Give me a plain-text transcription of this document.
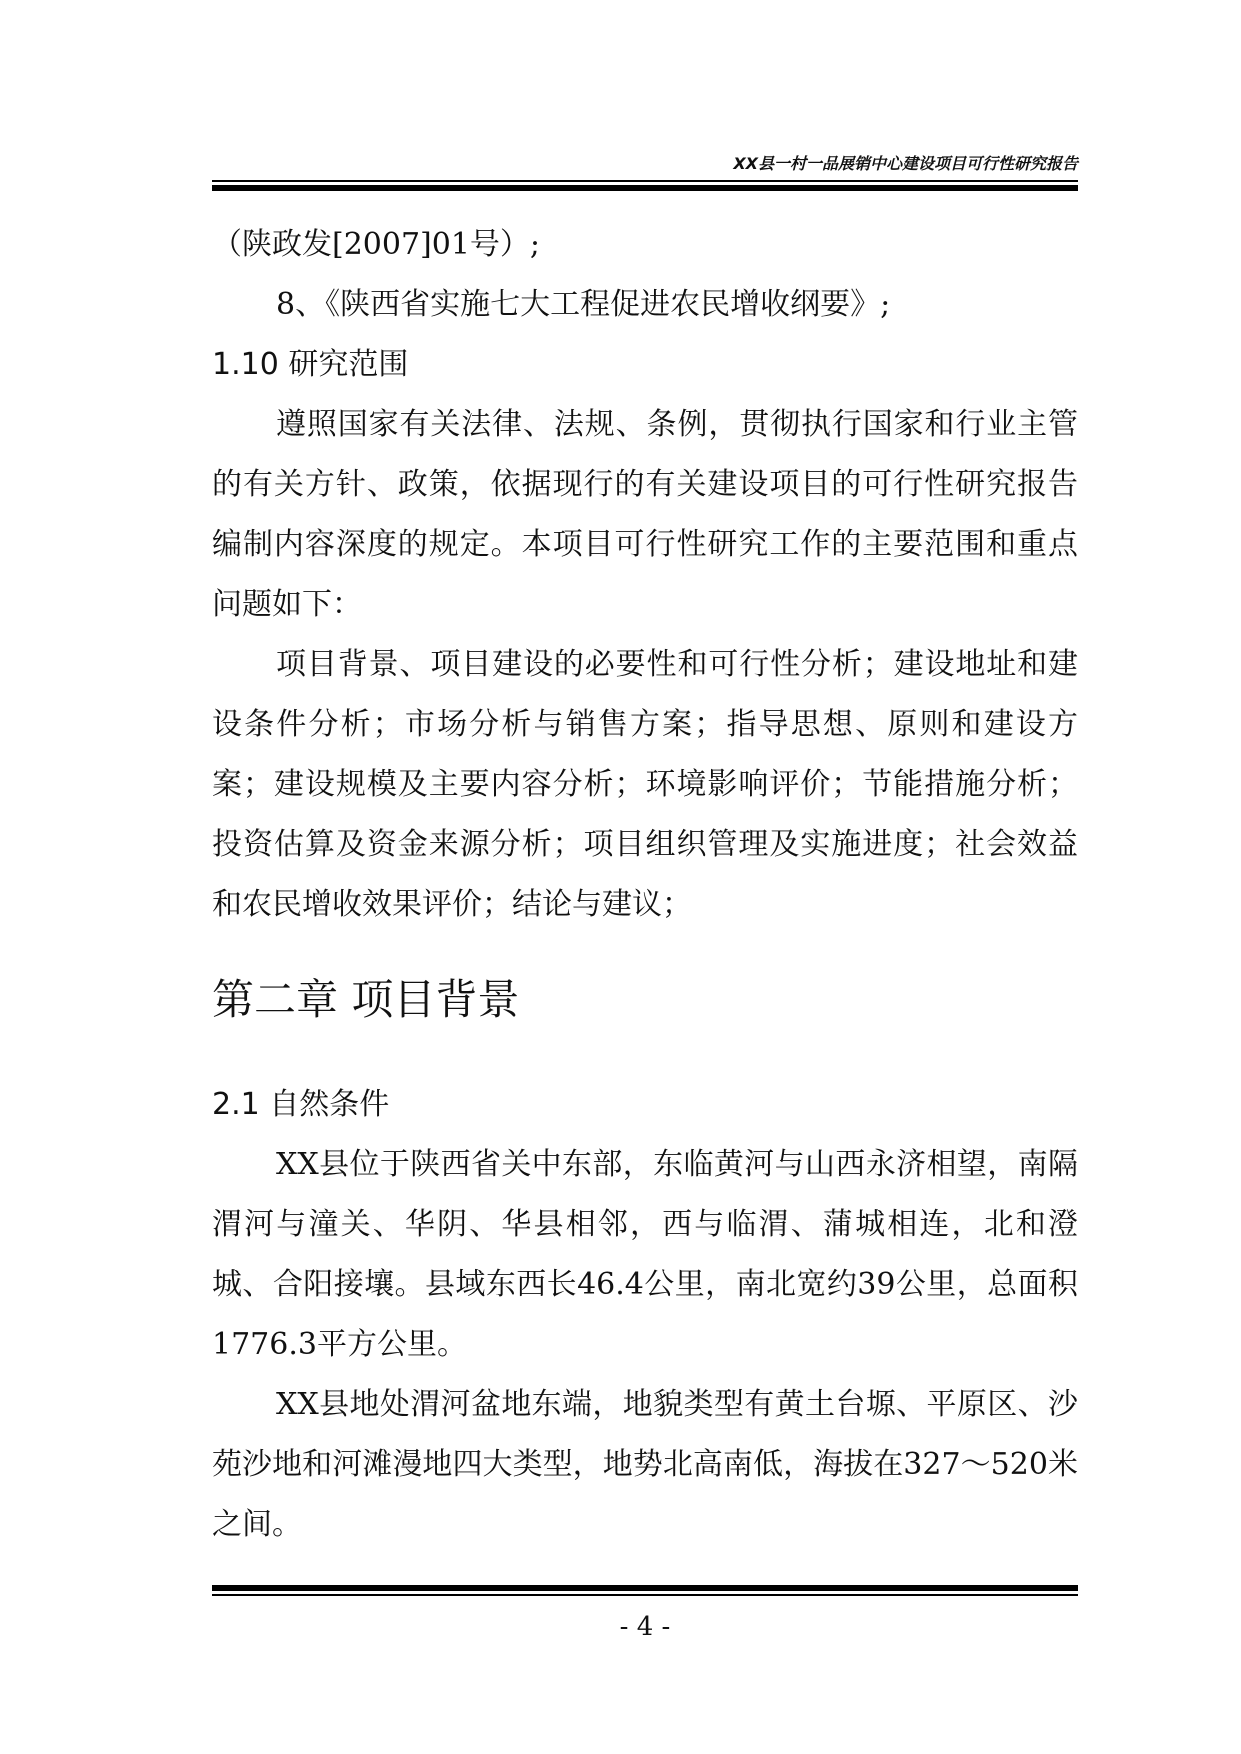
XX县一村一品展销中心建设项目可行性研究报告

（陕政发[2007]01号）;

8、《陕西省实施七大工程促进农民增收纲要》;

1.10 研究范围

遵照国家有关法律、法规、条例，贯彻执行国家和行业主管的有关方针、政策，依据现行的有关建设项目的可行性研究报告编制内容深度的规定。本项目可行性研究工作的主要范围和重点问题如下：

项目背景、项目建设的必要性和可行性分析；建设地址和建设条件分析；市场分析与销售方案；指导思想、原则和建设方案；建设规模及主要内容分析；环境影响评价；节能措施分析；投资估算及资金来源分析；项目组织管理及实施进度；社会效益和农民增收效果评价；结论与建议；

第二章 项目背景

2.1 自然条件

XX县位于陕西省关中东部，东临黄河与山西永济相望，南隔渭河与潼关、华阴、华县相邻，西与临渭、蒲城相连，北和澄城、合阳接壤。县域东西长46.4公里，南北宽约39公里，总面积1776.3平方公里。

XX县地处渭河盆地东端，地貌类型有黄土台塬、平原区、沙苑沙地和河滩漫地四大类型，地势北高南低，海拔在327～520米之间。

- 4 -
